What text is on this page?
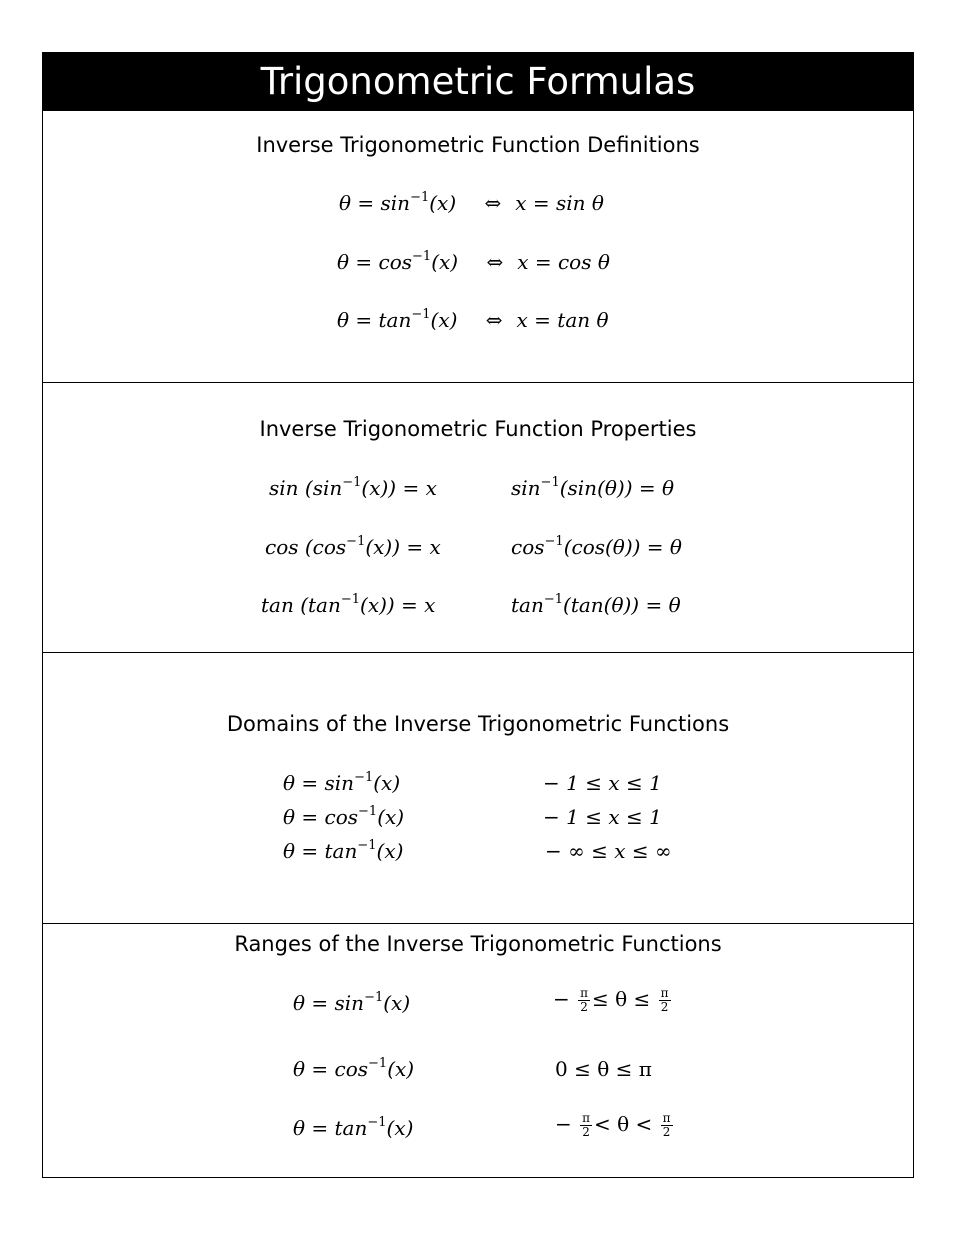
Trigonometric Formulas
Inverse Trigonometric Function Definitions
$\theta = \sin^{-1}(x)$ ⇔ x = sin θ
$\theta = \cos^{-1}(x)$ ⇔ x = cos θ
$\theta = \tan^{-1}(x)$ ⇔ x = tan θ
Inverse Trigonometric Function Properties
$\sin (\sin^{-1}(x)) = x$	$\sin^{-1}(\sin(\theta)) = \theta$
$\cos (\cos^{-1}(x)) = x$	$\cos^{-1}(\cos(\theta)) = \theta$
$\tan (\tan^{-1}(x)) = x$	$\tan^{-1}(\tan(\theta)) = \theta$
Domains of the Inverse Trigonometric Functions
$\theta = \sin^{-1}(x)$	− 1 ≤ x ≤ 1
$\theta = \cos^{-1}(x)$	− 1 ≤ x ≤ 1
$\theta = \tan^{-1}(x)$	− ∞ ≤ x ≤ ∞
Ranges of the Inverse Trigonometric Functions
$\theta = \sin^{-1}(x)$	− $\frac{\pi}{2} \le \theta \le \frac{\pi}{2}$
$\theta = \cos^{-1}(x)$	0 ≤ θ ≤ π
$\theta = \tan^{-1}(x)$	− $\frac{\pi}{2} < \theta < \frac{\pi}{2}$
